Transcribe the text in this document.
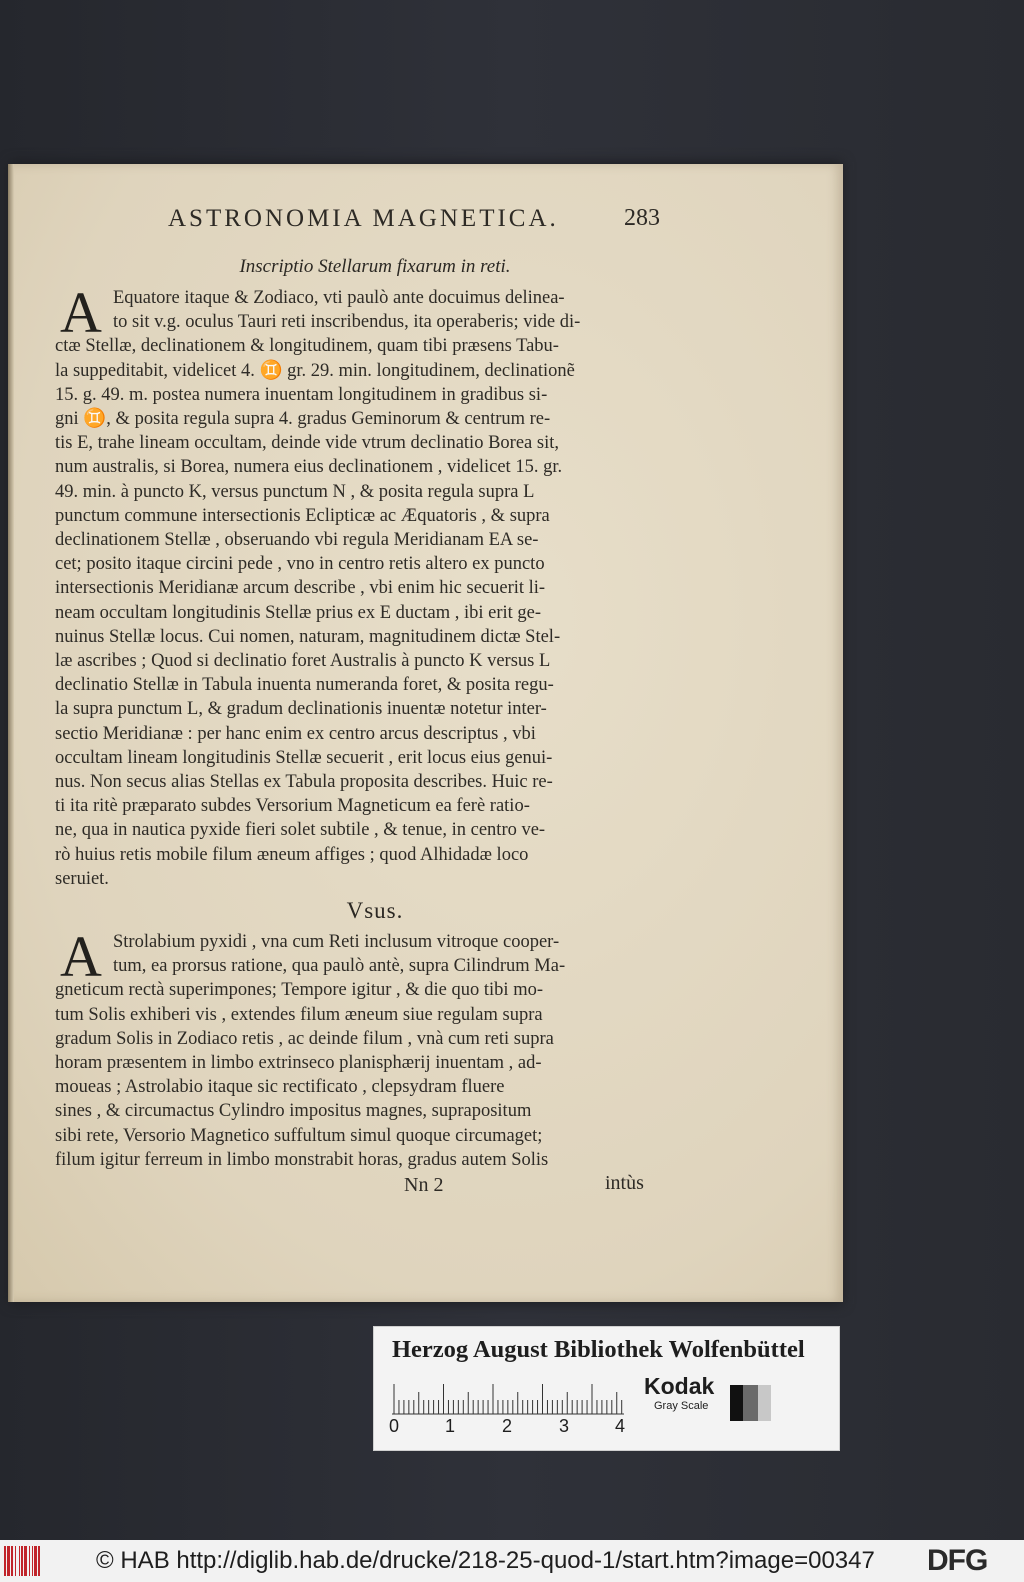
ASTRONOMIA MAGNETICA.	283
Inscriptio Stellarum fixarum in reti.
A Equatore itaque & Zodiaco, vti paulò ante docuimus delinea-
to sit v.g. oculus Tauri reti inscribendus, ita operaberis; vide di-
ctæ Stellæ, declinationem & longitudinem, quam tibi præsens Tabu-
la suppeditabit, videlicet 4. ♊ gr. 29. min. longitudinem, declinationẽ
15. g. 49. m. postea numera inuentam longitudinem in gradibus si-
gni ♊, & posita regula supra 4. gradus Geminorum & centrum re-
tis E, trahe lineam occultam, deinde vide vtrum declinatio Borea sit,
num australis, si Borea, numera eius declinationem , videlicet 15. gr.
49. min. à puncto K, versus punctum N , & posita regula supra L
punctum commune intersectionis Eclipticæ ac Æquatoris , & supra
declinationem Stellæ , obseruando vbi regula Meridianam EA se-
cet; posito itaque circini pede , vno in centro retis altero ex puncto
intersectionis Meridianæ arcum describe , vbi enim hic secuerit li-
neam occultam longitudinis Stellæ prius ex E ductam , ibi erit ge-
nuinus Stellæ locus. Cui nomen, naturam, magnitudinem dictæ Stel-
læ ascribes ; Quod si declinatio foret Australis à puncto K versus L
declinatio Stellæ in Tabula inuenta numeranda foret, & posita regu-
la supra punctum L, & gradum declinationis inuentæ notetur inter-
sectio Meridianæ : per hanc enim ex centro arcus descriptus , vbi
occultam lineam longitudinis Stellæ secuerit , erit locus eius genui-
nus. Non secus alias Stellas ex Tabula proposita describes. Huic re-
ti ita ritè præparato subdes Versorium Magneticum ea ferè ratio-
ne, qua in nautica pyxide fieri solet subtile , & tenue, in centro ve-
rò huius retis mobile filum æneum affiges ; quod Alhidadæ loco
seruiet.
Vsus.
A Strolabium pyxidi , vna cum Reti inclusum vitroque cooper-
tum, ea prorsus ratione, qua paulò antè, supra Cilindrum Ma-
gneticum rectà superimpones; Tempore igitur , & die quo tibi mo-
tum Solis exhiberi vis , extendes filum æneum siue regulam supra
gradum Solis in Zodiaco retis , ac deinde filum , vnà cum reti supra
horam præsentem in limbo extrinseco planisphærij inuentam , ad-
moueas ; Astrolabio itaque sic rectificato , clepsydram fluere
sines , & circumactus Cylindro impositus magnes, suprapositum
sibi rete, Versorio Magnetico suffultum simul quoque circumaget;
filum igitur ferreum in limbo monstrabit horas, gradus autem Solis
Nn 2	intùs
Herzog August Bibliothek Wolfenbüttel
0	1	2	3	4
Kodak
Gray Scale
© HAB http://diglib.hab.de/drucke/218-25-quod-1/start.htm?image=00347 DFG
